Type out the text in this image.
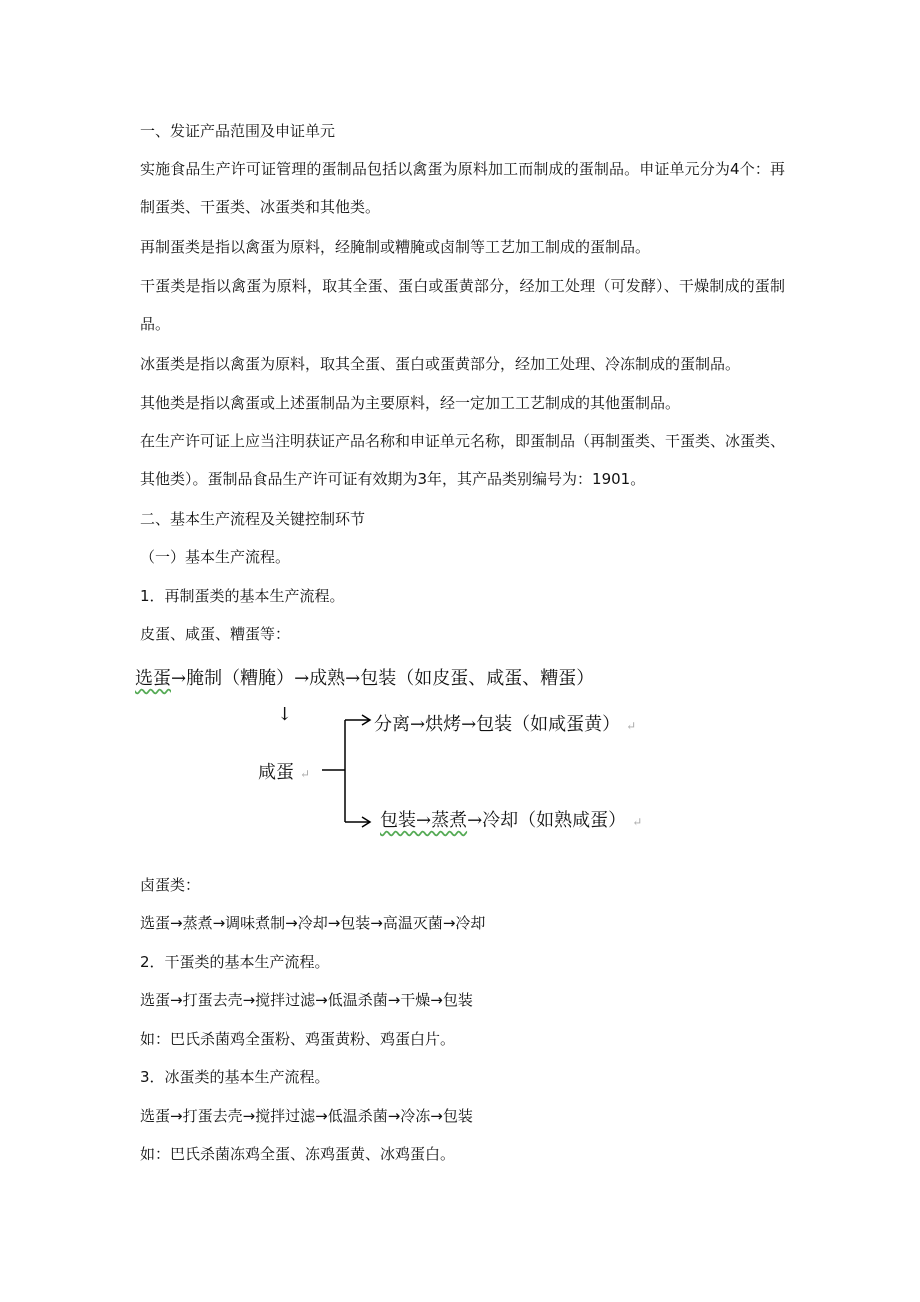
一、发证产品范围及申证单元
实施食品生产许可证管理的蛋制品包括以禽蛋为原料加工而制成的蛋制品。申证单元分为4个：再制蛋类、干蛋类、冰蛋类和其他类。
再制蛋类是指以禽蛋为原料，经腌制或糟腌或卤制等工艺加工制成的蛋制品。
干蛋类是指以禽蛋为原料，取其全蛋、蛋白或蛋黄部分，经加工处理（可发酵）、干燥制成的蛋制品。
冰蛋类是指以禽蛋为原料，取其全蛋、蛋白或蛋黄部分，经加工处理、冷冻制成的蛋制品。
其他类是指以禽蛋或上述蛋制品为主要原料，经一定加工工艺制成的其他蛋制品。
在生产许可证上应当注明获证产品名称和申证单元名称，即蛋制品（再制蛋类、干蛋类、冰蛋类、其他类）。蛋制品食品生产许可证有效期为3年，其产品类别编号为：1901。
二、基本生产流程及关键控制环节
（一）基本生产流程。
1．再制蛋类的基本生产流程。
皮蛋、咸蛋、糟蛋等：
选蛋→腌制（糟腌）→成熟→包装（如皮蛋、咸蛋、糟蛋）
↓
咸蛋 ↵
分离→烘烤→包装（如咸蛋黄） ↵
包装→蒸煮→冷却（如熟咸蛋） ↵
卤蛋类：
选蛋→蒸煮→调味煮制→冷却→包装→高温灭菌→冷却
2．干蛋类的基本生产流程。
选蛋→打蛋去壳→搅拌过滤→低温杀菌→干燥→包装
如：巴氏杀菌鸡全蛋粉、鸡蛋黄粉、鸡蛋白片。
3．冰蛋类的基本生产流程。
选蛋→打蛋去壳→搅拌过滤→低温杀菌→冷冻→包装
如：巴氏杀菌冻鸡全蛋、冻鸡蛋黄、冰鸡蛋白。
